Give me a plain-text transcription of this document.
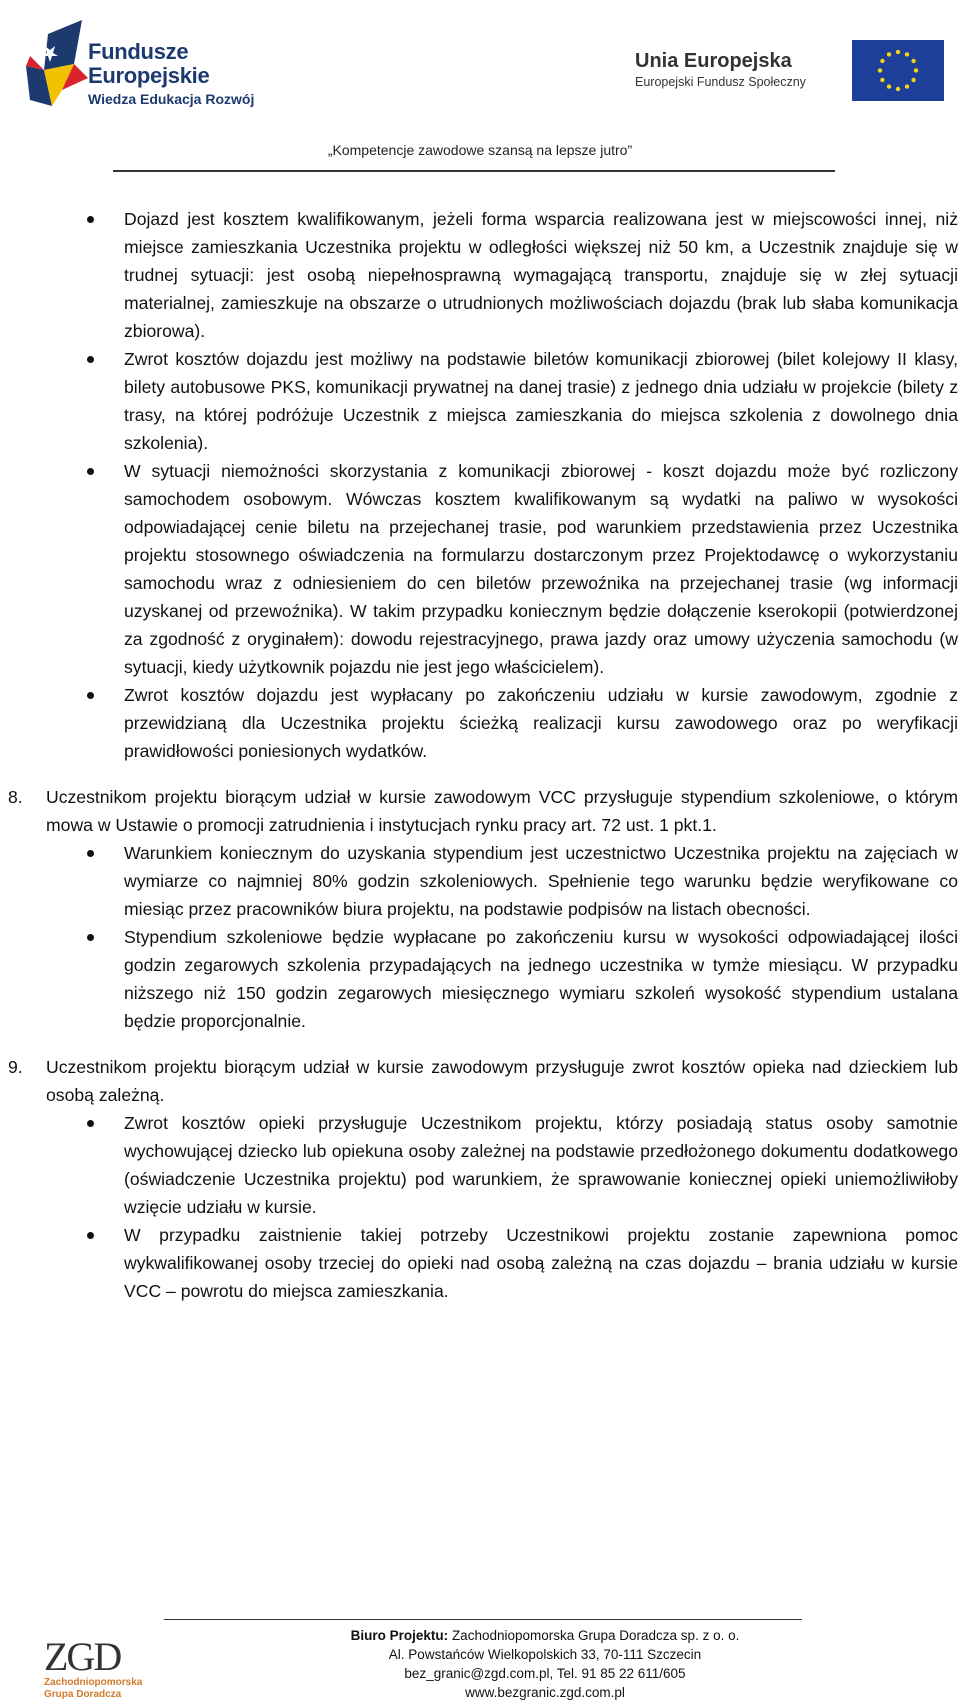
Fundusze
Europejskie
Wiedza Edukacja Rozwój
Unia Europejska
Europejski Fundusz Społeczny
„Kompetencje zawodowe szansą na lepsze jutro”
Dojazd jest kosztem kwalifikowanym, jeżeli forma wsparcia realizowana jest w miejscowości innej, niż miejsce zamieszkania Uczestnika projektu w odległości większej niż 50 km, a Uczestnik znajduje się w trudnej sytuacji: jest osobą niepełnosprawną wymagającą transportu, znajduje się w złej sytuacji materialnej, zamieszkuje na obszarze o utrudnionych możliwościach dojazdu (brak lub słaba komunikacja zbiorowa).
Zwrot kosztów dojazdu jest możliwy na podstawie biletów komunikacji zbiorowej (bilet kolejowy II klasy, bilety autobusowe PKS, komunikacji prywatnej na danej trasie) z jednego dnia udziału w projekcie (bilety z trasy, na której podróżuje Uczestnik z miejsca zamieszkania do miejsca szkolenia z dowolnego dnia szkolenia).
W sytuacji niemożności skorzystania z komunikacji zbiorowej - koszt dojazdu może być rozliczony samochodem osobowym. Wówczas kosztem kwalifikowanym są wydatki na paliwo w wysokości odpowiadającej cenie biletu na przejechanej trasie, pod warunkiem przedstawienia przez Uczestnika projektu stosownego oświadczenia na formularzu dostarczonym przez Projektodawcę o wykorzystaniu samochodu wraz z odniesieniem do cen biletów przewoźnika na przejechanej trasie (wg informacji uzyskanej od przewoźnika). W takim przypadku koniecznym będzie dołączenie kserokopii (potwierdzonej za zgodność z oryginałem): dowodu rejestracyjnego, prawa jazdy oraz umowy użyczenia samochodu (w sytuacji, kiedy użytkownik pojazdu nie jest jego właścicielem).
Zwrot kosztów dojazdu jest wypłacany po zakończeniu udziału w kursie zawodowym, zgodnie z przewidzianą dla Uczestnika projektu ścieżką realizacji kursu zawodowego oraz po weryfikacji prawidłowości poniesionych wydatków.
8. Uczestnikom projektu biorącym udział w kursie zawodowym VCC przysługuje stypendium szkoleniowe, o którym mowa w Ustawie o promocji zatrudnienia i instytucjach rynku pracy art. 72 ust. 1 pkt.1.
Warunkiem koniecznym do uzyskania stypendium jest uczestnictwo Uczestnika projektu na zajęciach w wymiarze co najmniej 80% godzin szkoleniowych. Spełnienie tego warunku będzie weryfikowane co miesiąc przez pracowników biura projektu, na podstawie podpisów na listach obecności.
Stypendium szkoleniowe będzie wypłacane po zakończeniu kursu w wysokości odpowiadającej ilości godzin zegarowych szkolenia przypadających na jednego uczestnika w tymże miesiącu. W przypadku niższego niż 150 godzin zegarowych miesięcznego wymiaru szkoleń wysokość stypendium ustalana będzie proporcjonalnie.
9. Uczestnikom projektu biorącym udział w kursie zawodowym przysługuje zwrot kosztów opieka nad dzieckiem lub osobą zależną.
Zwrot kosztów opieki przysługuje Uczestnikom projektu, którzy posiadają status osoby samotnie wychowującej dziecko lub opiekuna osoby zależnej na podstawie przedłożonego dokumentu dodatkowego (oświadczenie Uczestnika projektu) pod warunkiem, że sprawowanie koniecznej opieki uniemożliwiłoby wzięcie udziału w kursie.
W przypadku zaistnienie takiej potrzeby Uczestnikowi projektu zostanie zapewniona pomoc wykwalifikowanej osoby trzeciej do opieki nad osobą zależną na czas dojazdu – brania udziału w kursie VCC – powrotu do miejsca zamieszkania.
ZGD
Zachodniopomorska
Grupa Doradcza
Biuro Projektu: Zachodniopomorska Grupa Doradcza sp. z o. o.
Al. Powstańców Wielkopolskich 33, 70-111 Szczecin
bez_granic@zgd.com.pl, Tel. 91 85 22 611/605
www.bezgranic.zgd.com.pl
